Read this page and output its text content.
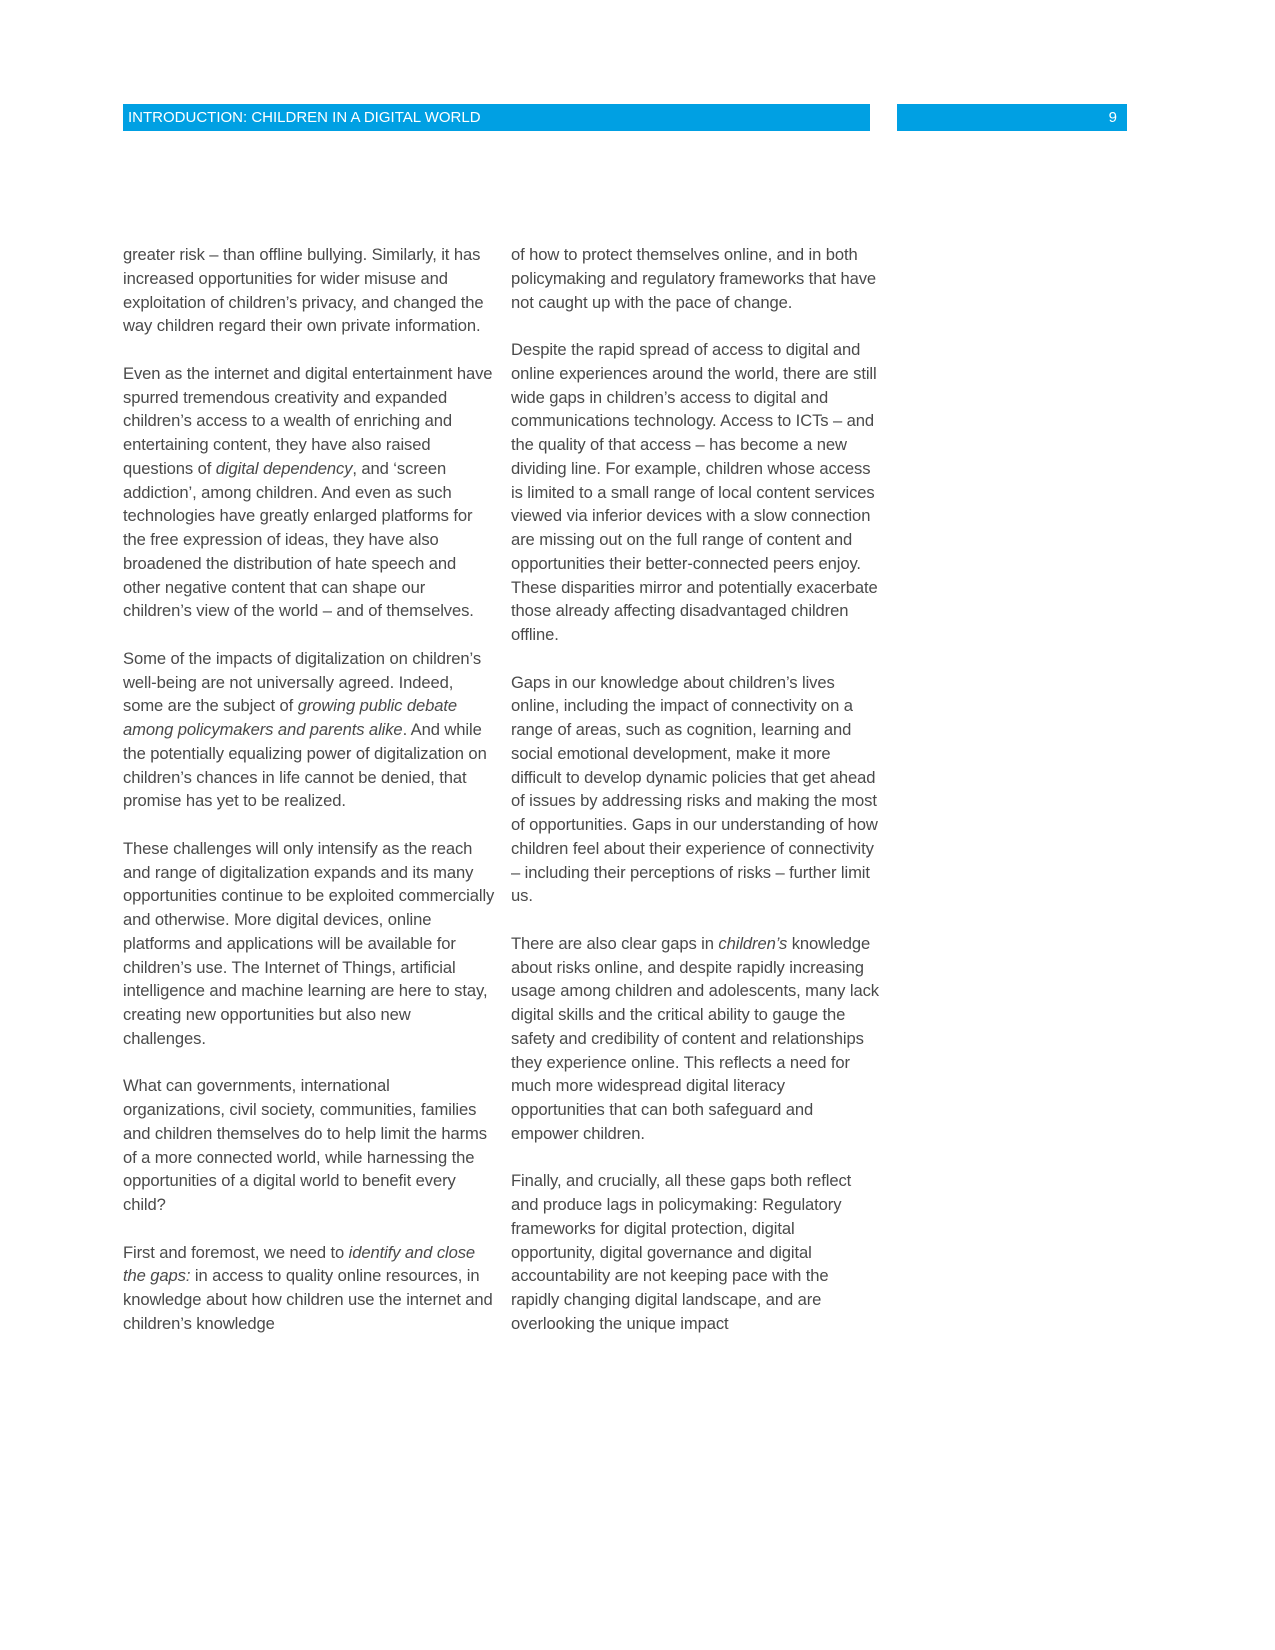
INTRODUCTION: CHILDREN IN A DIGITAL WORLD	9

greater risk – than offline bullying. Similarly, it has increased opportunities for wider misuse and exploitation of children’s privacy, and changed the way children regard their own private information.

Even as the internet and digital entertainment have spurred tremendous creativity and expanded children’s access to a wealth of enriching and entertaining content, they have also raised questions of digital dependency, and ‘screen addiction’, among children. And even as such technologies have greatly enlarged platforms for the free expression of ideas, they have also broadened the distribution of hate speech and other negative content that can shape our children’s view of the world – and of themselves.

Some of the impacts of digitalization on children’s well-being are not universally agreed. Indeed, some are the subject of growing public debate among policymakers and parents alike. And while the potentially equalizing power of digitalization on children’s chances in life cannot be denied, that promise has yet to be realized.

These challenges will only intensify as the reach and range of digitalization expands and its many opportunities continue to be exploited commercially and otherwise. More digital devices, online platforms and applications will be available for children’s use. The Internet of Things, artificial intelligence and machine learning are here to stay, creating new opportunities but also new challenges.

What can governments, international organizations, civil society, communities, families and children themselves do to help limit the harms of a more connected world, while harnessing the opportunities of a digital world to benefit every child?

First and foremost, we need to identify and close the gaps: in access to quality online resources, in knowledge about how children use the internet and children’s knowledge

of how to protect themselves online, and in both policymaking and regulatory frameworks that have not caught up with the pace of change.

Despite the rapid spread of access to digital and online experiences around the world, there are still wide gaps in children’s access to digital and communications technology. Access to ICTs – and the quality of that access – has become a new dividing line. For example, children whose access is limited to a small range of local content services viewed via inferior devices with a slow connection are missing out on the full range of content and opportunities their better-connected peers enjoy. These disparities mirror and potentially exacerbate those already affecting disadvantaged children offline.

Gaps in our knowledge about children’s lives online, including the impact of connectivity on a range of areas, such as cognition, learning and social emotional development, make it more difficult to develop dynamic policies that get ahead of issues by addressing risks and making the most of opportunities. Gaps in our understanding of how children feel about their experience of connectivity – including their perceptions of risks – further limit us.

There are also clear gaps in children’s knowledge about risks online, and despite rapidly increasing usage among children and adolescents, many lack digital skills and the critical ability to gauge the safety and credibility of content and relationships they experience online. This reflects a need for much more widespread digital literacy opportunities that can both safeguard and empower children.

Finally, and crucially, all these gaps both reflect and produce lags in policymaking: Regulatory frameworks for digital protection, digital opportunity, digital governance and digital accountability are not keeping pace with the rapidly changing digital landscape, and are overlooking the unique impact
